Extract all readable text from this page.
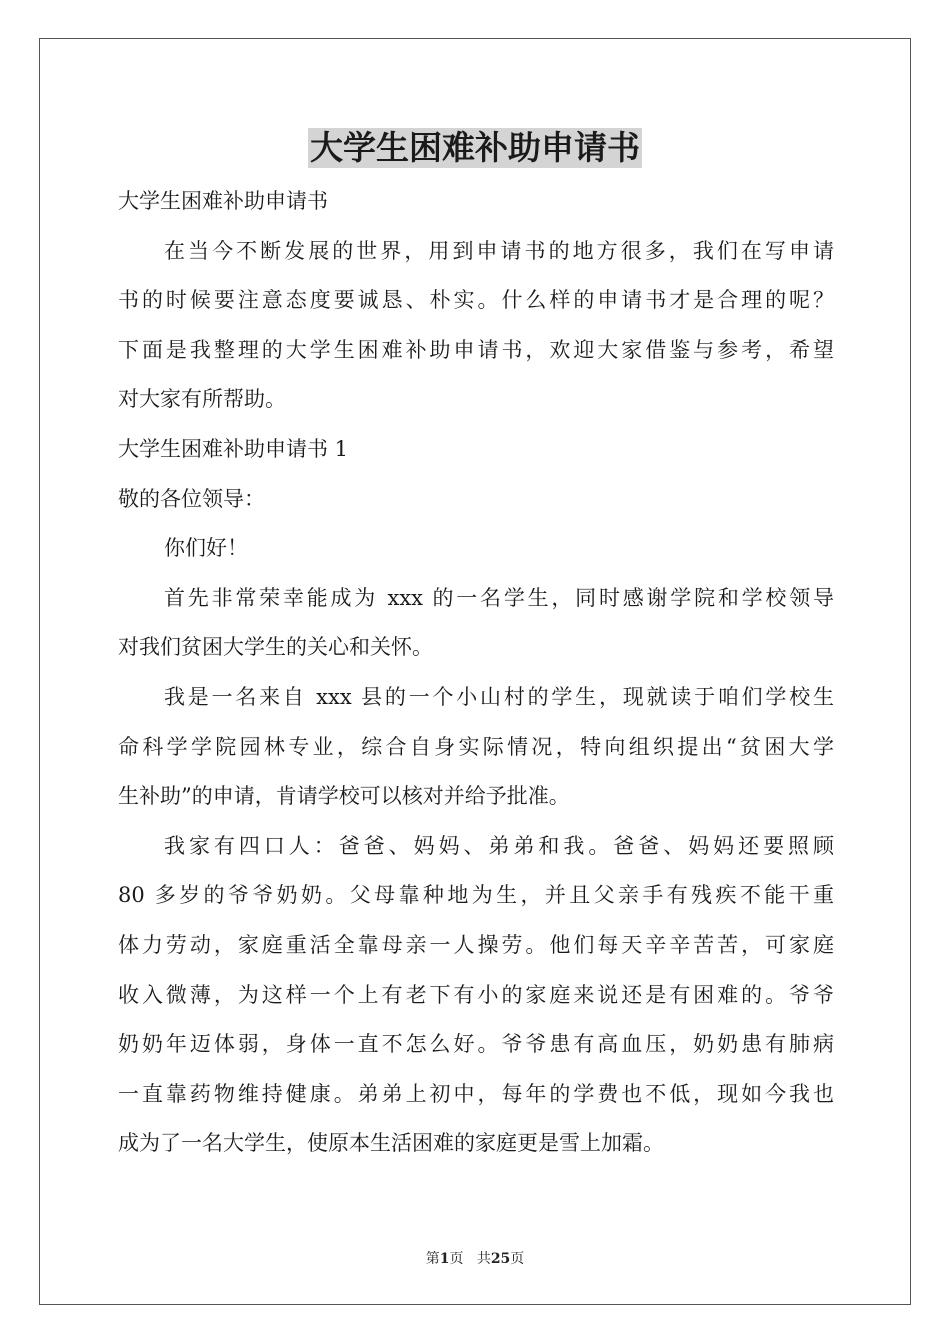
大学生困难补助申请书
大学生困难补助申请书
在当今不断发展的世界，用到申请书的地方很多，我们在写申请
书的时候要注意态度要诚恳、朴实。什么样的申请书才是合理的呢？
下面是我整理的大学生困难补助申请书，欢迎大家借鉴与参考，希望
对大家有所帮助。
大学生困难补助申请书 1
敬的各位领导：
你们好！
首先非常荣幸能成为 xxx 的一名学生，同时感谢学院和学校领导
对我们贫困大学生的关心和关怀。
我是一名来自 xxx 县的一个小山村的学生，现就读于咱们学校生
命科学学院园林专业，综合自身实际情况，特向组织提出“贫困大学
生补助”的申请，肯请学校可以核对并给予批准。
我家有四口人：爸爸、妈妈、弟弟和我。爸爸、妈妈还要照顾
80 多岁的爷爷奶奶。父母靠种地为生，并且父亲手有残疾不能干重
体力劳动，家庭重活全靠母亲一人操劳。他们每天辛辛苦苦，可家庭
收入微薄，为这样一个上有老下有小的家庭来说还是有困难的。爷爷
奶奶年迈体弱，身体一直不怎么好。爷爷患有高血压，奶奶患有肺病
一直靠药物维持健康。弟弟上初中，每年的学费也不低，现如今我也
成为了一名大学生，使原本生活困难的家庭更是雪上加霜。
第1页 共25页
